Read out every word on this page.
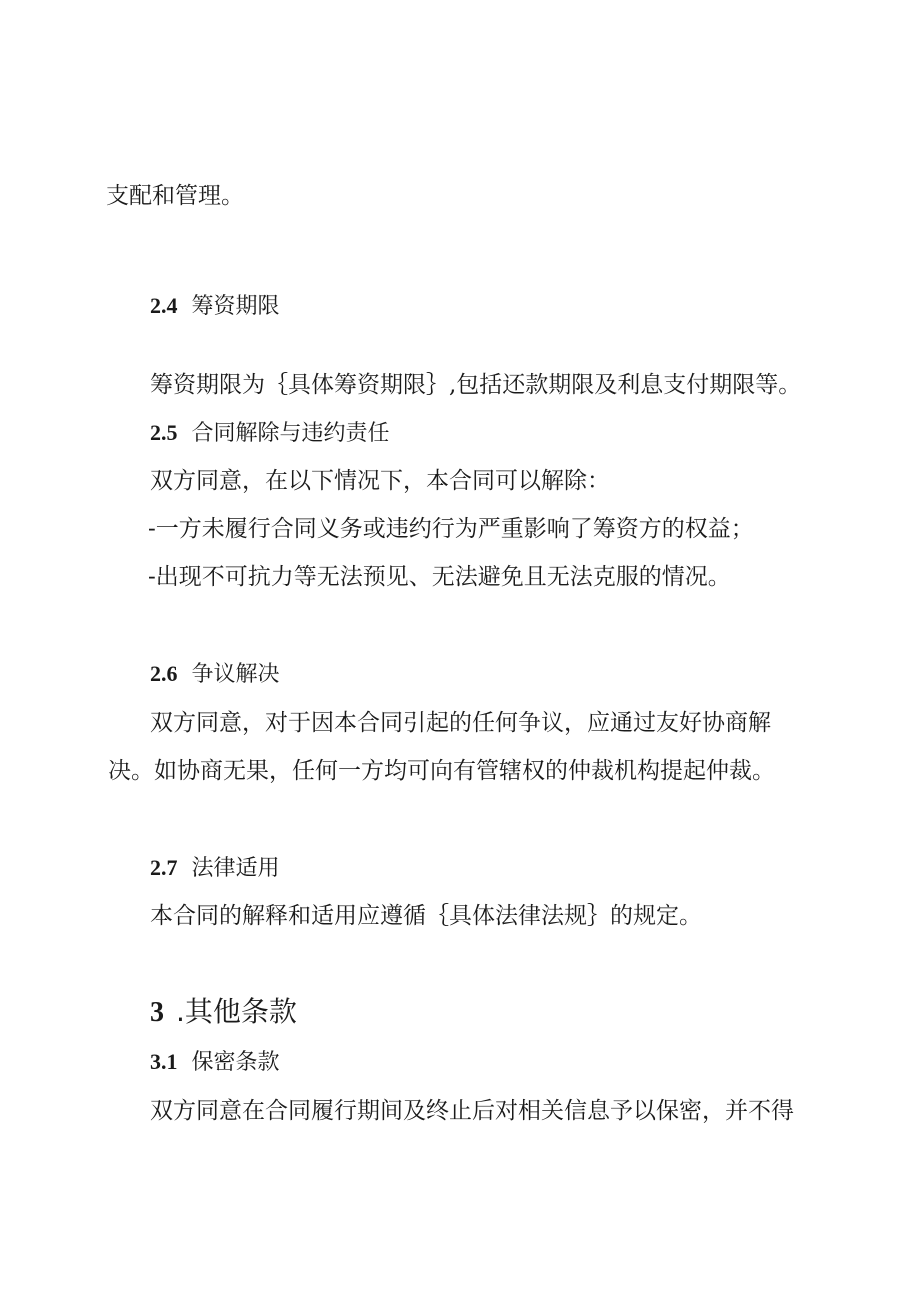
支配和管理。
2.4 筹资期限
筹资期限为｛具体筹资期限｝,包括还款期限及利息支付期限等。
2.5 合同解除与违约责任
双方同意，在以下情况下，本合同可以解除：
-一方未履行合同义务或违约行为严重影响了筹资方的权益；
-出现不可抗力等无法预见、无法避免且无法克服的情况。
2.6 争议解决
双方同意，对于因本合同引起的任何争议，应通过友好协商解
决。如协商无果，任何一方均可向有管辖权的仲裁机构提起仲裁。
2.7 法律适用
本合同的解释和适用应遵循｛具体法律法规｝的规定。
3 .其他条款
3.1 保密条款
双方同意在合同履行期间及终止后对相关信息予以保密，并不得
